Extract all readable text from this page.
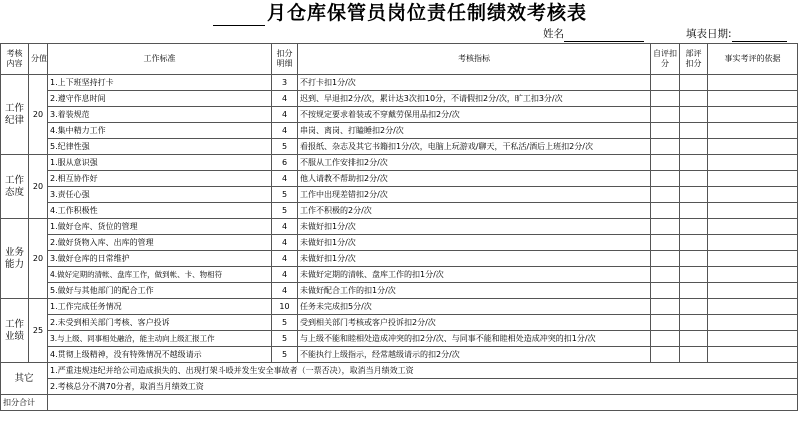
月仓库保管员岗位责任制绩效考核表
姓名	填表日期:
考核内容	分值	工作标准	扣分明细	考核指标	自评扣分	部评扣分	事实考评的依据
工作纪律	20	1.上下班坚持打卡	3	不打卡扣1分/次			
		2.遵守作息时间	4	迟到、早退扣2分/次，累计达3次扣10分，不请假扣2分/次，旷工扣3分/次			
		3.着装规范	4	不按规定要求着装或不穿戴劳保用品扣2分/次			
		4.集中精力工作	4	串岗、离岗、打瞌睡扣2分/次			
		5.纪律性强	5	看报纸、杂志及其它书籍扣1分/次，电脑上玩游戏/聊天，干私活/酒后上班扣2分/次			
工作态度	20	1.服从意识强	6	不服从工作安排扣2分/次			
		2.相互协作好	4	他人请教不帮助扣2分/次			
		3.责任心强	5	工作中出现差错扣2分/次			
		4.工作积极性	5	工作不积极的2分/次			
业务能力	20	1.做好仓库、货位的管理	4	未做好扣1分/次			
		2.做好货物入库、出库的管理	4	未做好扣1分/次			
		3.做好仓库的日常维护	4	未做好扣1分/次			
		4.做好定期的清帐、盘库工作，做到帐、卡、物相符	4	未做好定期的清帐、盘库工作的扣1分/次			
		5.做好与其他部门的配合工作	4	未做好配合工作的扣1分/次			
工作业绩	25	1.工作完成任务情况	10	任务未完成扣5分/次			
		2.未受到相关部门考核、客户投诉	5	受到相关部门考核或客户投诉扣2分/次			
		3.与上级、同事相处融洽，能主动向上级汇报工作	5	与上级不能和睦相处造成冲突的扣2分/次、与同事不能和睦相处造成冲突的扣1分/次			
		4.贯彻上级精神，没有特殊情况不越级请示	5	不能执行上级指示，经常越级请示的扣2分/次			
其它		1.严重违规违纪并给公司造成损失的、出现打架斗殴并发生安全事故者（一票否决），取消当月绩效工资					
		2.考核总分不满70分者，取消当月绩效工资					
扣分合计							
